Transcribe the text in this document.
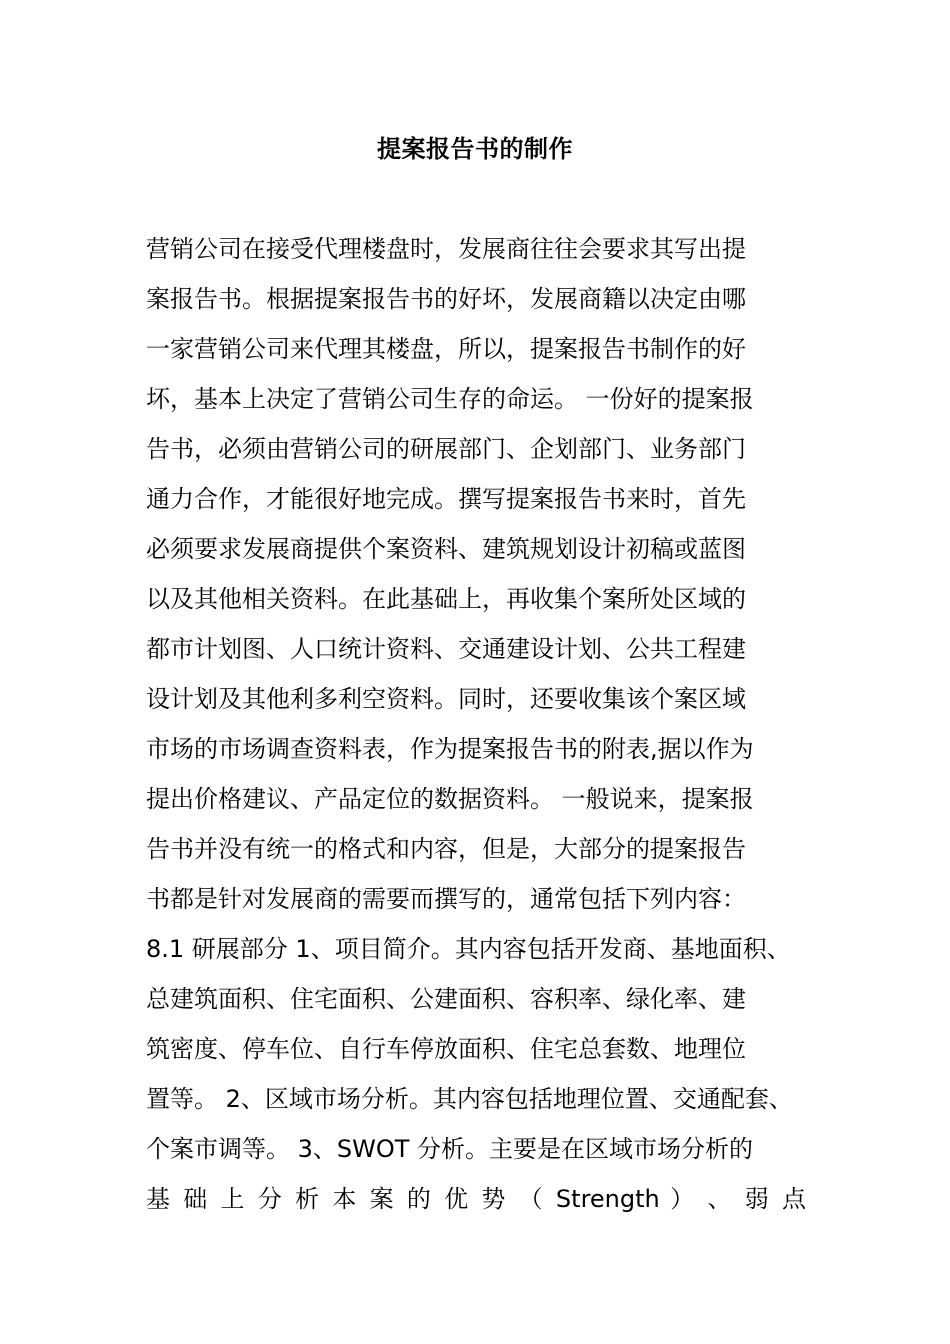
提案报告书的制作
营销公司在接受代理楼盘时，发展商往往会要求其写出提
案报告书。根据提案报告书的好坏，发展商籍以决定由哪
一家营销公司来代理其楼盘，所以，提案报告书制作的好
坏，基本上决定了营销公司生存的命运。 一份好的提案报
告书，必须由营销公司的研展部门、企划部门、业务部门
通力合作，才能很好地完成。撰写提案报告书来时，首先
必须要求发展商提供个案资料、建筑规划设计初稿或蓝图
以及其他相关资料。在此基础上，再收集个案所处区域的
都市计划图、人口统计资料、交通建设计划、公共工程建
设计划及其他利多利空资料。同时，还要收集该个案区域
市场的市场调查资料表，作为提案报告书的附表,据以作为
提出价格建议、产品定位的数据资料。 一般说来，提案报
告书并没有统一的格式和内容，但是，大部分的提案报告
书都是针对发展商的需要而撰写的，通常包括下列内容：
8.1 研展部分 1、项目简介。其内容包括开发商、基地面积、
总建筑面积、住宅面积、公建面积、容积率、绿化率、建
筑密度、停车位、自行车停放面积、住宅总套数、地理位
置等。 2、区域市场分析。其内容包括地理位置、交通配套、
个案市调等。 3、SWOT 分析。主要是在区域市场分析的
基 础 上 分 析 本 案 的 优 势 （ Strength ） 、 弱 点
